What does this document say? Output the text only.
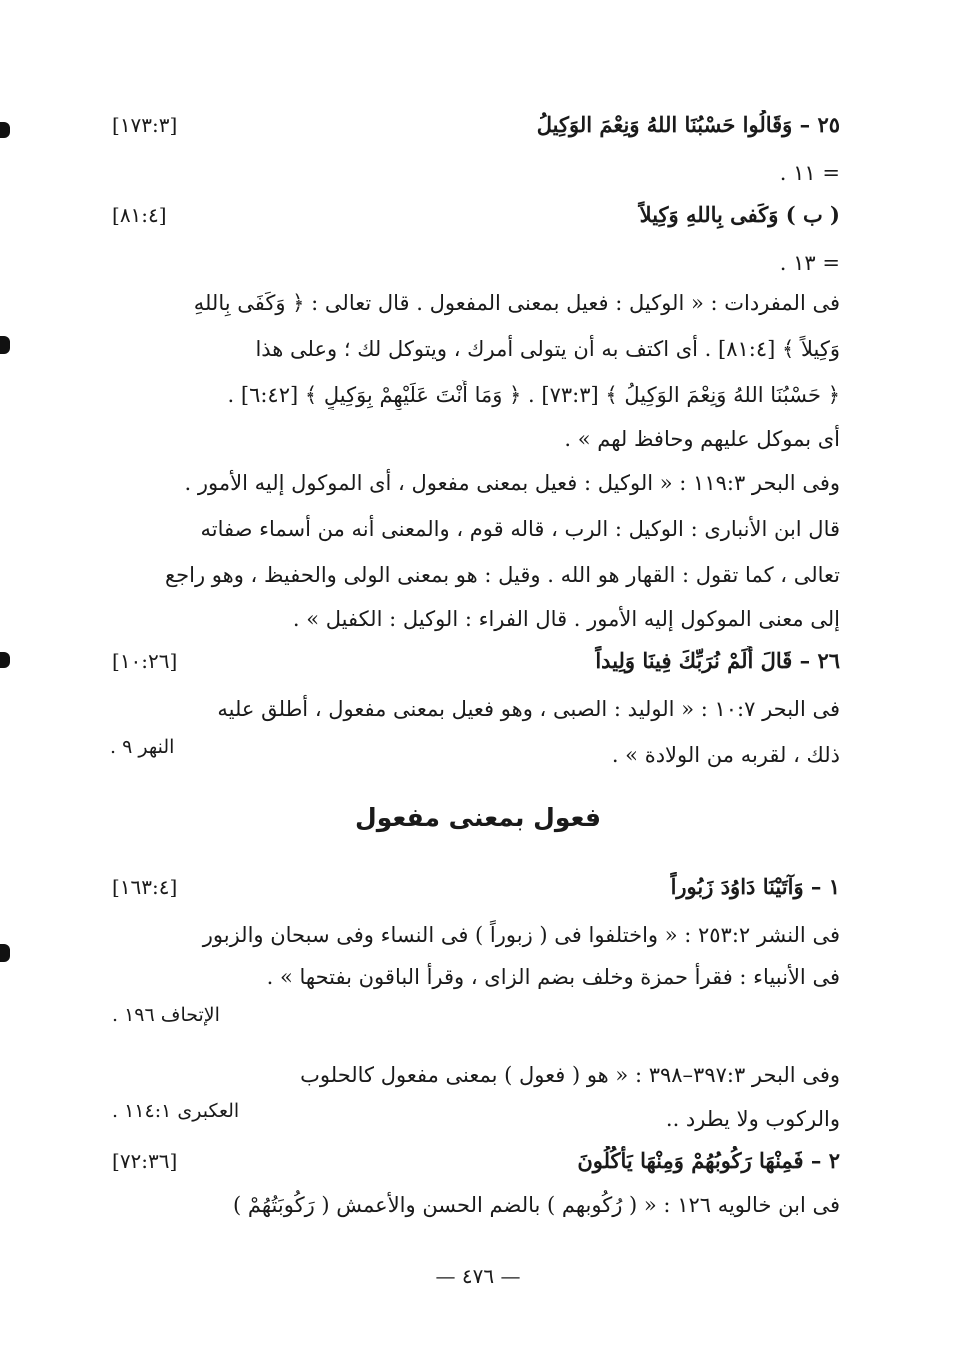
٢٥ – وَقَالُوا حَسْبُنَا اللهُ وَنِعْمَ الوَكِيلُ
[١٧٣:٣]
= ١١ .
( ب ) وَكَفى بِاللهِ وَكِيلاً
[٨١:٤]
= ١٣ .
فى المفردات : « الوكيل : فعيل بمعنى المفعول . قال تعالى : ﴿ وَكَفَى بِاللهِ
وَكِيلاً ﴾ [٨١:٤] . أى اكتف به أن يتولى أمرك ، ويتوكل لك ؛ وعلى هذا
﴿ حَسْبُنَا اللهُ وَنِعْمَ الوَكِيلُ ﴾ [٧٣:٣] . ﴿ وَمَا أَنْتَ عَلَيْهِمْ بِوَكِيلٍ ﴾ [٦:٤٢] .
أى بموكل عليهم وحافظ لهم » .
وفى البحر ١١٩:٣ : « الوكيل : فعيل بمعنى مفعول ، أى الموكول إليه الأمور .
قال ابن الأنبارى : الوكيل : الرب ، قاله قوم ، والمعنى أنه من أسماء صفاته
تعالى ، كما تقول : القهار هو الله . وقيل : هو بمعنى الولى والحفيظ ، وهو راجع
إلى معنى الموكول إليه الأمور . قال الفراء : الوكيل : الكفيل » .
٢٦ – قَالَ أَلَمْ نُرَبِّكَ فِينَا وَلِيداً
[١٠:٢٦]
فى البحر ١٠:٧ : « الوليد : الصبى ، وهو فعيل بمعنى مفعول ، أطلق عليه
ذلك ، لقربه من الولادة » .
النهر ٩ .
فعول بمعنى مفعول
١ – وَآتَيْنَا دَاوُدَ زَبُوراً
[١٦٣:٤]
فى النشر ٢٥٣:٢ : « واختلفوا فى ( زبوراً ) فى النساء وفى سبحان والزبور
فى الأنبياء : فقرأ حمزة وخلف بضم الزاى ، وقرأ الباقون بفتحها » .
الإتحاف ١٩٦ .
وفى البحر ٣٩٧:٣–٣٩٨ : « هو ( فعول ) بمعنى مفعول كالحلوب
والركوب ولا يطرد ..
العكبرى ١١٤:١ .
٢ – فَمِنْهَا رَكُوبُهُمْ وَمِنْهَا يَأْكُلُونَ
[٧٢:٣٦]
فى ابن خالويه ١٢٦ : « ( رُكُوبهم ) بالضم الحسن والأعمش ( رَكُوبَتُهُمْ )
— ٤٧٦ —
